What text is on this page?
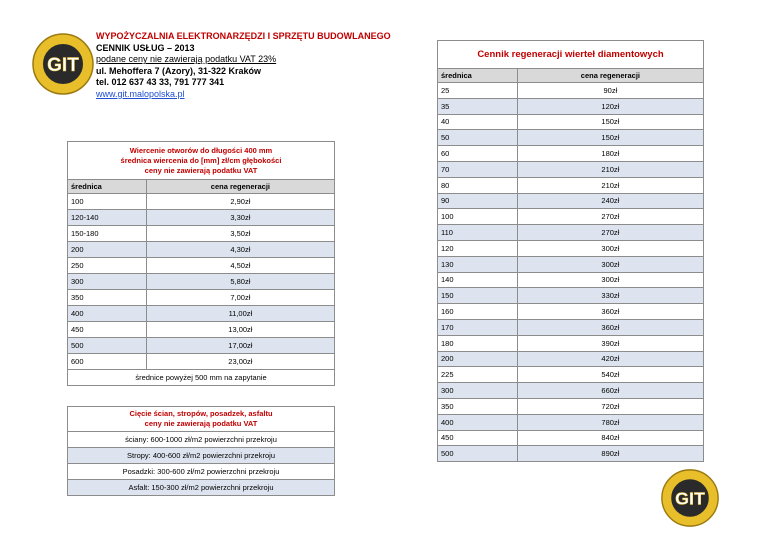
GIT
GIT
WYPOŻYCZALNIA ELEKTRONARZĘDZI I SPRZĘTU BUDOWLANEGO
CENNIK USŁUG – 2013
podane ceny nie zawierają podatku VAT 23%
ul. Mehoffera 7 (Azory), 31-322 Kraków
tel. 012 637 43 33, 791 777 341
www.git.malopolska.pl
Wiercenie otworów do długości 400 mm
średnica wiercenia do [mm] zł/cm głębokości
ceny nie zawierają podatku VAT	

średnica	cena regeneracji
100	2,90zł
120-140	3,30zł
150-180	3,50zł
200	4,30zł
250	4,50zł
300	5,80zł
350	7,00zł
400	11,00zł
450	13,00zł
500	17,00zł
600	23,00zł
średnice powyżej 500 mm na zapytanie	
Cięcie ścian, stropów, posadzek, asfaltu
ceny nie zawierają podatku VAT

ściany: 600-1000 zł/m2 powierzchni przekroju
Stropy: 400-600 zł/m2 powierzchni przekroju
Posadzki: 300-600 zł/m2 powierzchni przekroju
Asfalt: 150-300 zł/m2 powierzchni przekroju
Cennik regeneracji wierteł diamentowych	
średnica	cena regeneracji
25	90zł
35	120zł
40	150zł
50	150zł
60	180zł
70	210zł
80	210zł
90	240zł
100	270zł
110	270zł
120	300zł
130	300zł
140	300zł
150	330zł
160	360zł
170	360zł
180	390zł
200	420zł
225	540zł
300	660zł
350	720zł
400	780zł
450	840zł
500	890zł
